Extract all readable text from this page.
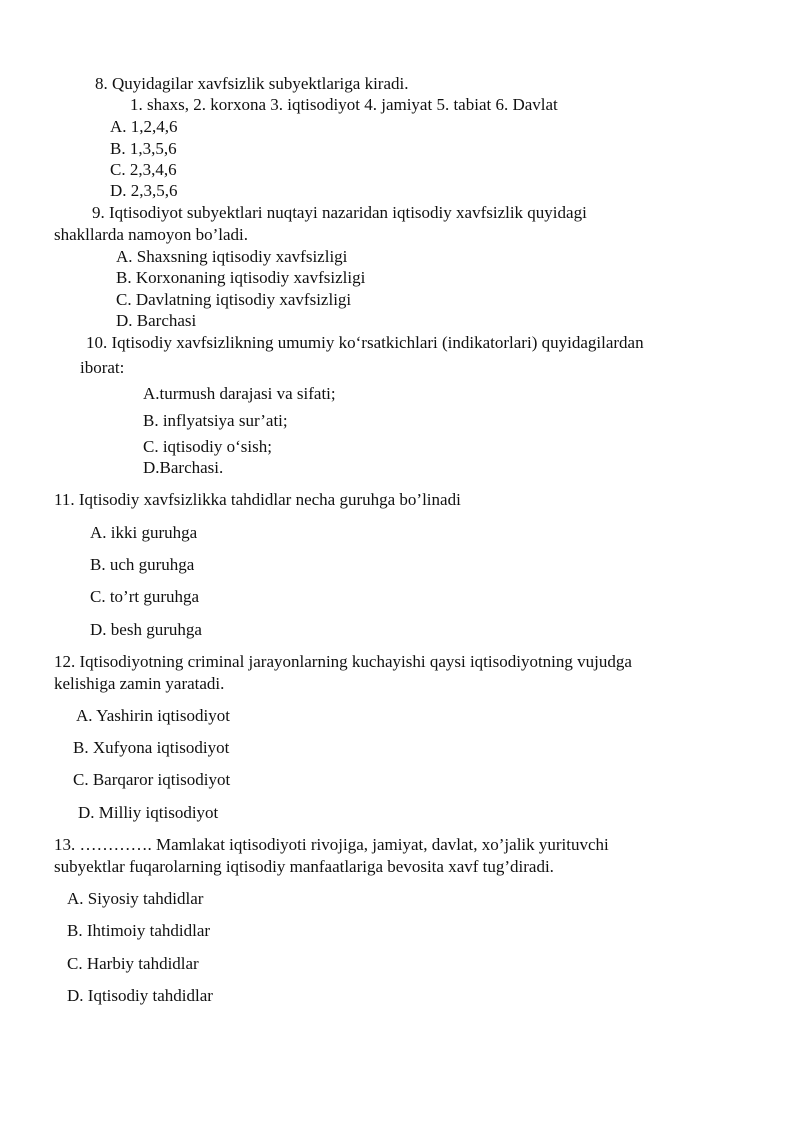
8. Quyidagilar xavfsizlik subyektlariga kiradi.
1. shaxs, 2. korxona 3. iqtisodiyot 4. jamiyat 5. tabiat 6. Davlat
A. 1,2,4,6
B. 1,3,5,6
C. 2,3,4,6
D. 2,3,5,6
9. Iqtisodiyot subyektlari nuqtayi nazaridan iqtisodiy xavfsizlik quyidagi
shakllarda namoyon bo’ladi.
A. Shaxsning iqtisodiy xavfsizligi
B. Korxonaning iqtisodiy xavfsizligi
C. Davlatning iqtisodiy xavfsizligi
D. Barchasi
10. Iqtisodiy xavfsizlikning umumiy ko‘rsatkichlari (indikatorlari) quyidagilardan
iborat:
A.turmush darajasi va sifati;
B. inflyatsiya sur’ati;
C. iqtisodiy o‘sish;
D.Barchasi.
11. Iqtisodiy xavfsizlikka tahdidlar necha guruhga bo’linadi
A. ikki guruhga
B. uch guruhga
C. to’rt guruhga
D. besh guruhga
12. Iqtisodiyotning criminal jarayonlarning kuchayishi qaysi iqtisodiyotning vujudga
kelishiga zamin yaratadi.
A. Yashirin iqtisodiyot
B. Xufyona iqtisodiyot
C. Barqaror iqtisodiyot
D. Milliy iqtisodiyot
13. …………. Mamlakat iqtisodiyoti rivojiga, jamiyat, davlat, xo’jalik yurituvchi
subyektlar fuqarolarning iqtisodiy manfaatlariga bevosita xavf tug’diradi.
A. Siyosiy tahdidlar
B. Ihtimoiy tahdidlar
C. Harbiy tahdidlar
D. Iqtisodiy tahdidlar
